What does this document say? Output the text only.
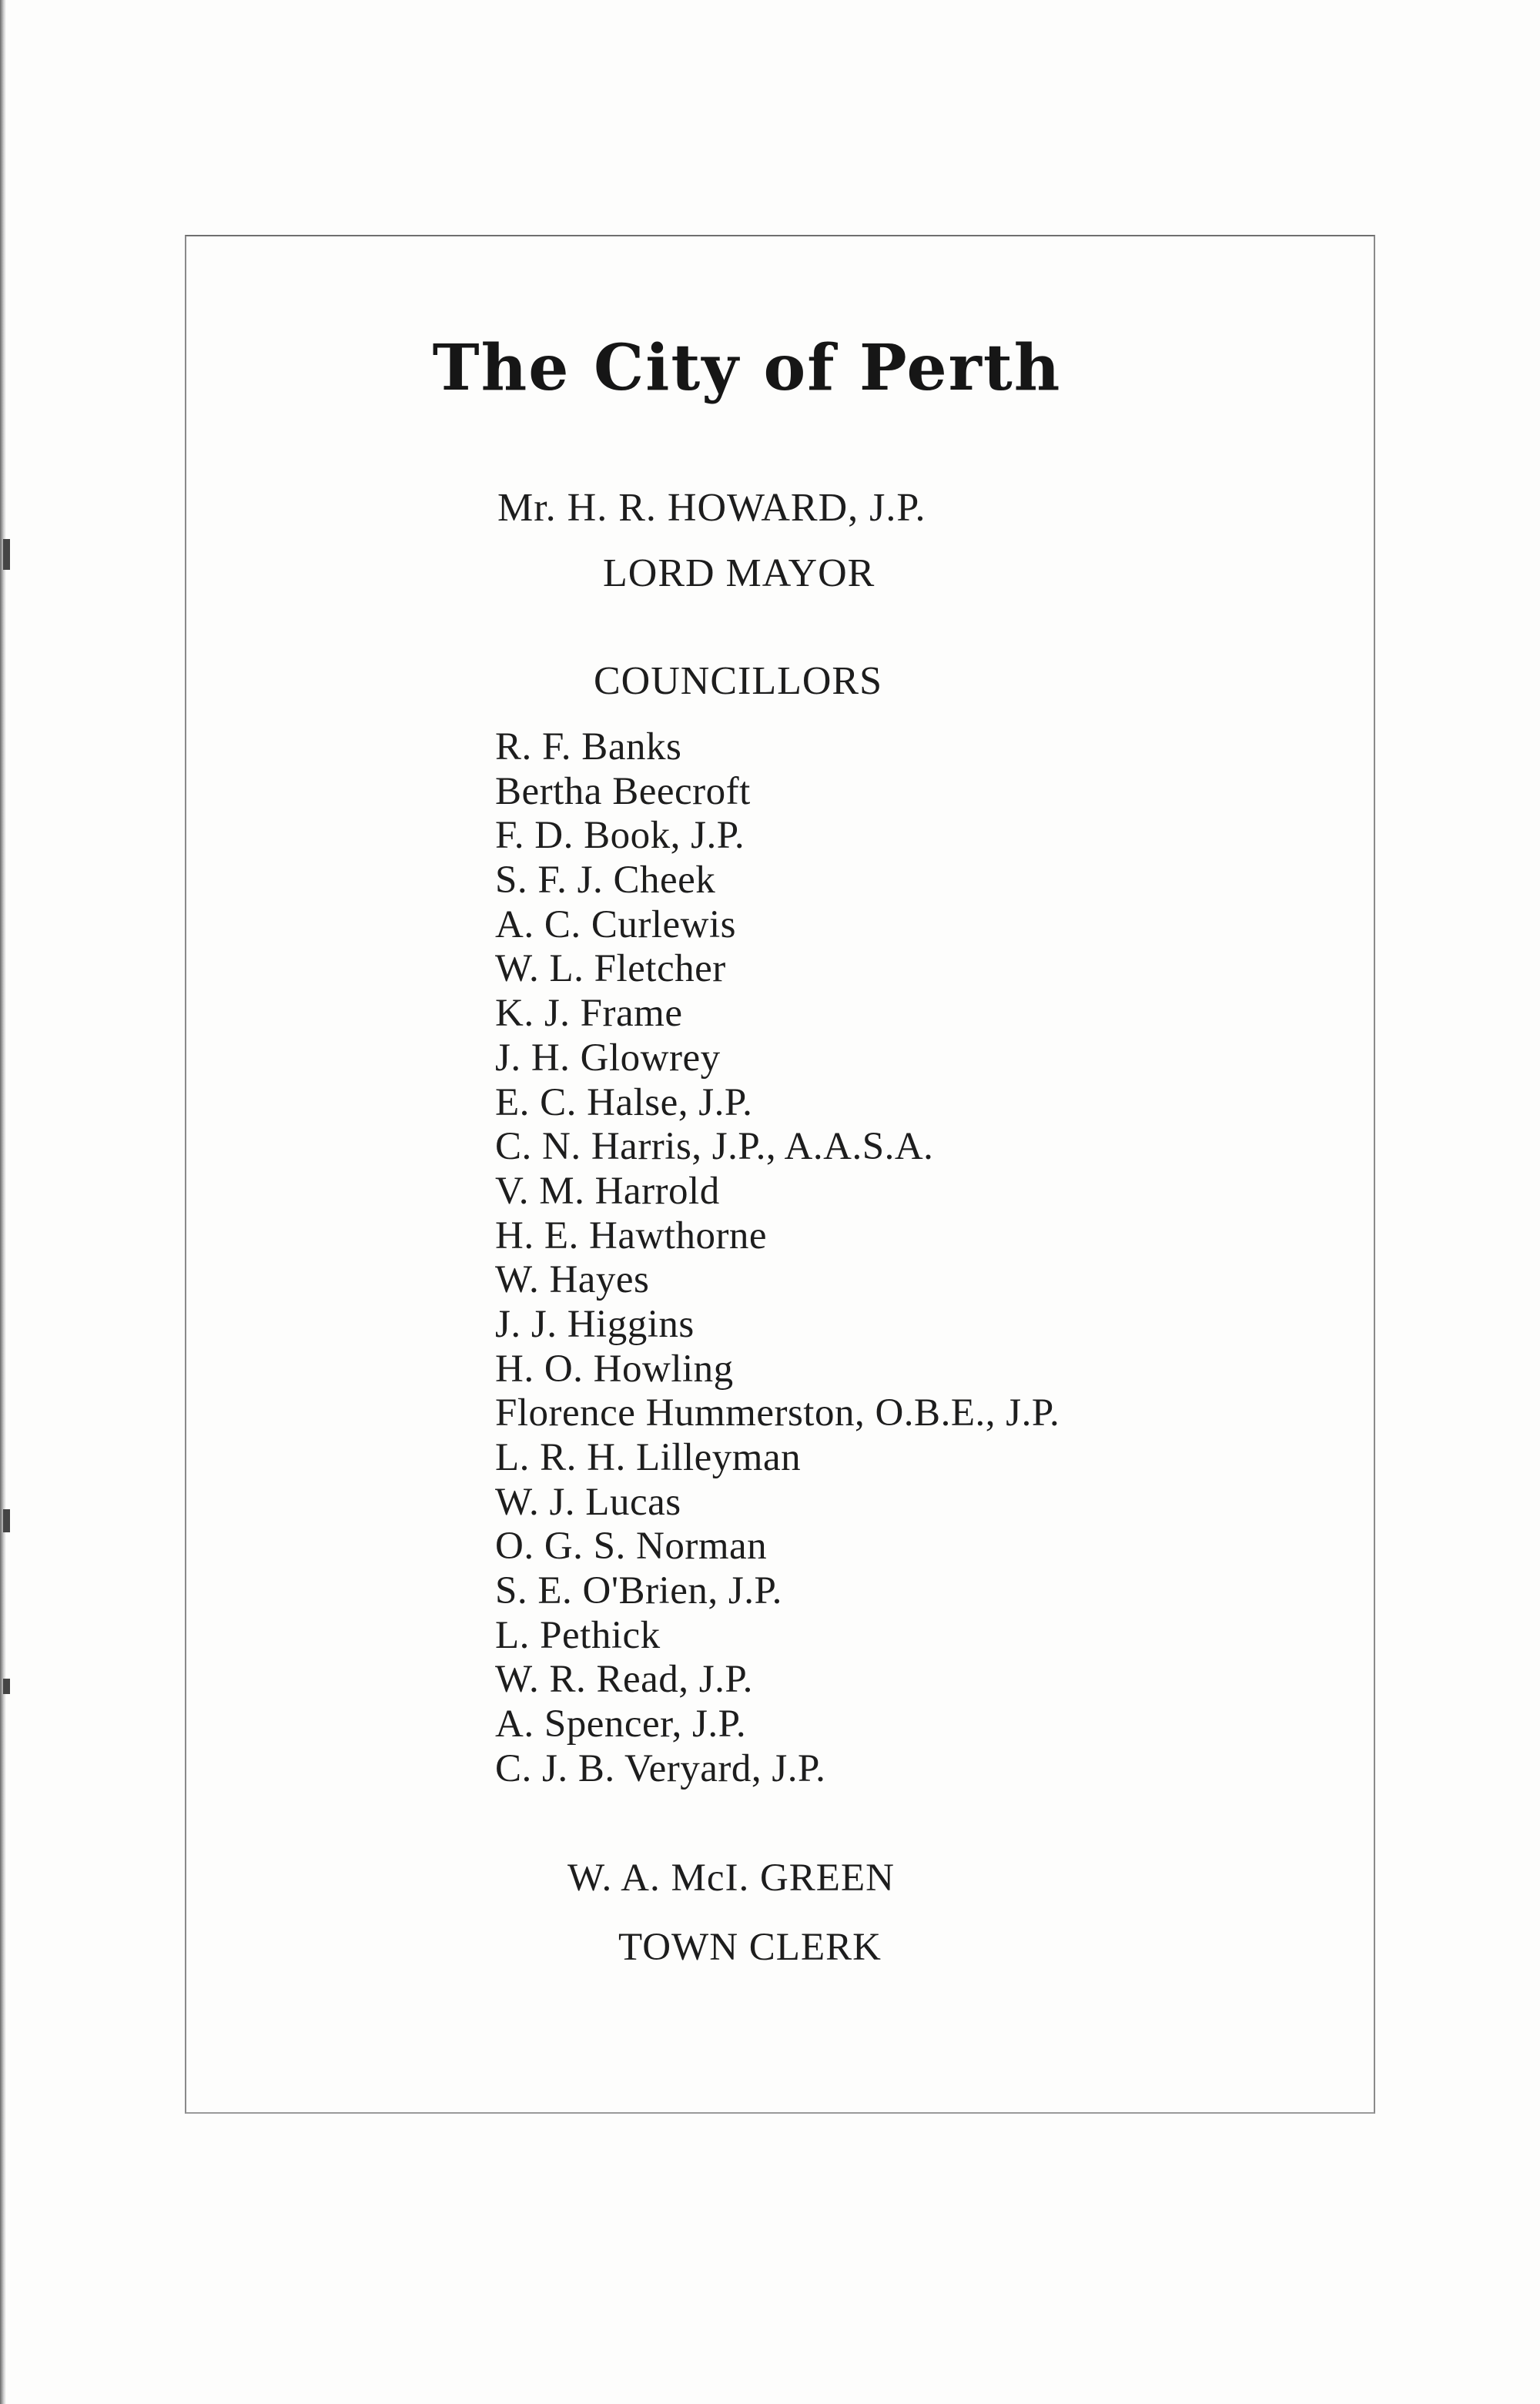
The City of Perth
Mr. H. R. HOWARD, J.P.
LORD MAYOR
COUNCILLORS
R. F. Banks
Bertha Beecroft
F. D. Book, J.P.
S. F. J. Cheek
A. C. Curlewis
W. L. Fletcher
K. J. Frame
J. H. Glowrey
E. C. Halse, J.P.
C. N. Harris, J.P., A.A.S.A.
V. M. Harrold
H. E. Hawthorne
W. Hayes
J. J. Higgins
H. O. Howling
Florence Hummerston, O.B.E., J.P.
L. R. H. Lilleyman
W. J. Lucas
O. G. S. Norman
S. E. O'Brien, J.P.
L. Pethick
W. R. Read, J.P.
A. Spencer, J.P.
C. J. B. Veryard, J.P.
W. A. McI. GREEN
TOWN CLERK
